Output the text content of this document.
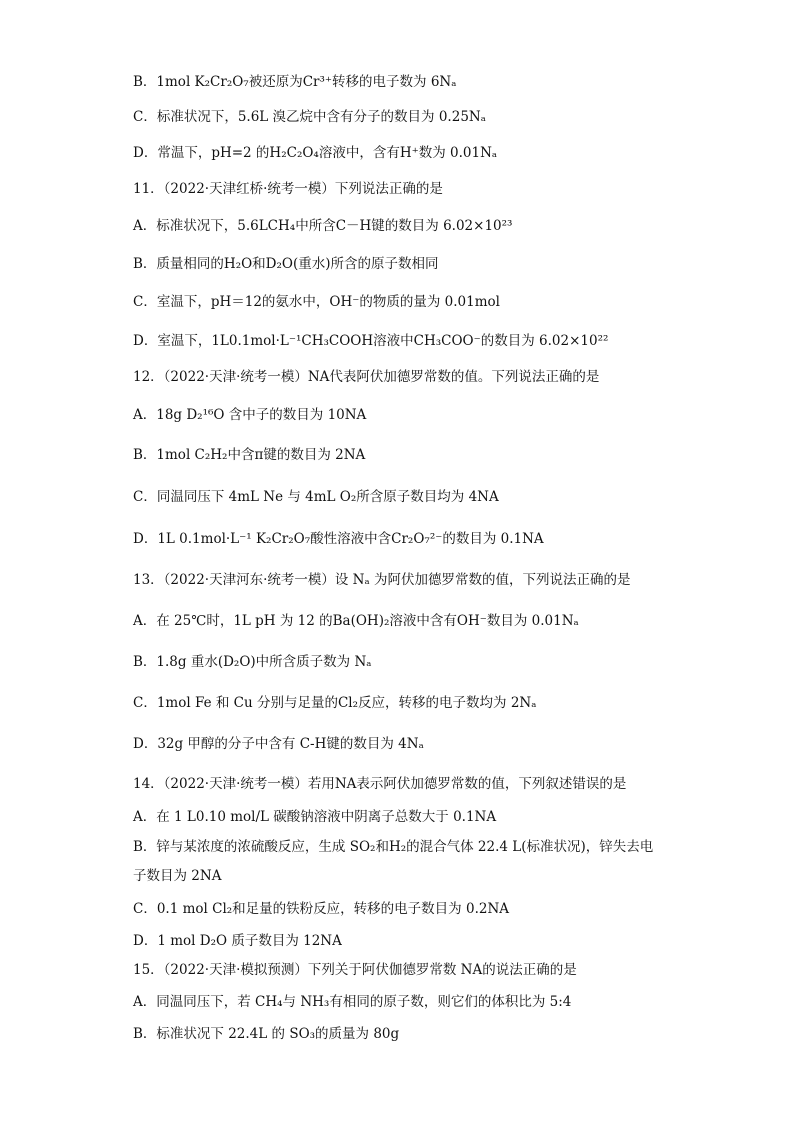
B．1mol K₂Cr₂O₇被还原为Cr³⁺转移的电子数为 6Nₐ
C．标准状况下，5.6L 溴乙烷中含有分子的数目为 0.25Nₐ
D．常温下，pH=2 的H₂C₂O₄溶液中，含有H⁺数为 0.01Nₐ
11．（2022·天津红桥·统考一模）下列说法正确的是
A．标准状况下，5.6LCH₄中所含C－H键的数目为 6.02×10²³
B．质量相同的H₂O和D₂O(重水)所含的原子数相同
C．室温下，pH＝12的氨水中，OH⁻的物质的量为 0.01mol
D．室温下，1L0.1mol·L⁻¹CH₃COOH溶液中CH₃COO⁻的数目为 6.02×10²²
12．（2022·天津·统考一模）NA代表阿伏加德罗常数的值。下列说法正确的是
A．18g D₂¹⁶O 含中子的数目为 10NA
B．1mol C₂H₂中含π键的数目为 2NA
C．同温同压下 4mL Ne 与 4mL O₂所含原子数目均为 4NA
D．1L 0.1mol·L⁻¹ K₂Cr₂O₇酸性溶液中含Cr₂O₇²⁻的数目为 0.1NA
13．（2022·天津河东·统考一模）设 Nₐ 为阿伏加德罗常数的值，下列说法正确的是
A．在 25℃时，1L pH 为 12 的Ba(OH)₂溶液中含有OH⁻数目为 0.01Nₐ
B．1.8g 重水(D₂O)中所含质子数为 Nₐ
C．1mol Fe 和 Cu 分别与足量的Cl₂反应，转移的电子数均为 2Nₐ
D．32g 甲醇的分子中含有 C-H键的数目为 4Nₐ
14．（2022·天津·统考一模）若用NA表示阿伏加德罗常数的值，下列叙述错误的是
A．在 1 L0.10 mol/L 碳酸钠溶液中阴离子总数大于 0.1NA
B．锌与某浓度的浓硫酸反应，生成 SO₂和H₂的混合气体 22.4 L(标准状况)，锌失去电
子数目为 2NA
C．0.1 mol Cl₂和足量的铁粉反应，转移的电子数目为 0.2NA
D．1 mol D₂O 质子数目为 12NA
15．（2022·天津·模拟预测）下列关于阿伏伽德罗常数 NA的说法正确的是
A．同温同压下，若 CH₄与 NH₃有相同的原子数，则它们的体积比为 5:4
B．标准状况下 22.4L 的 SO₃的质量为 80g
